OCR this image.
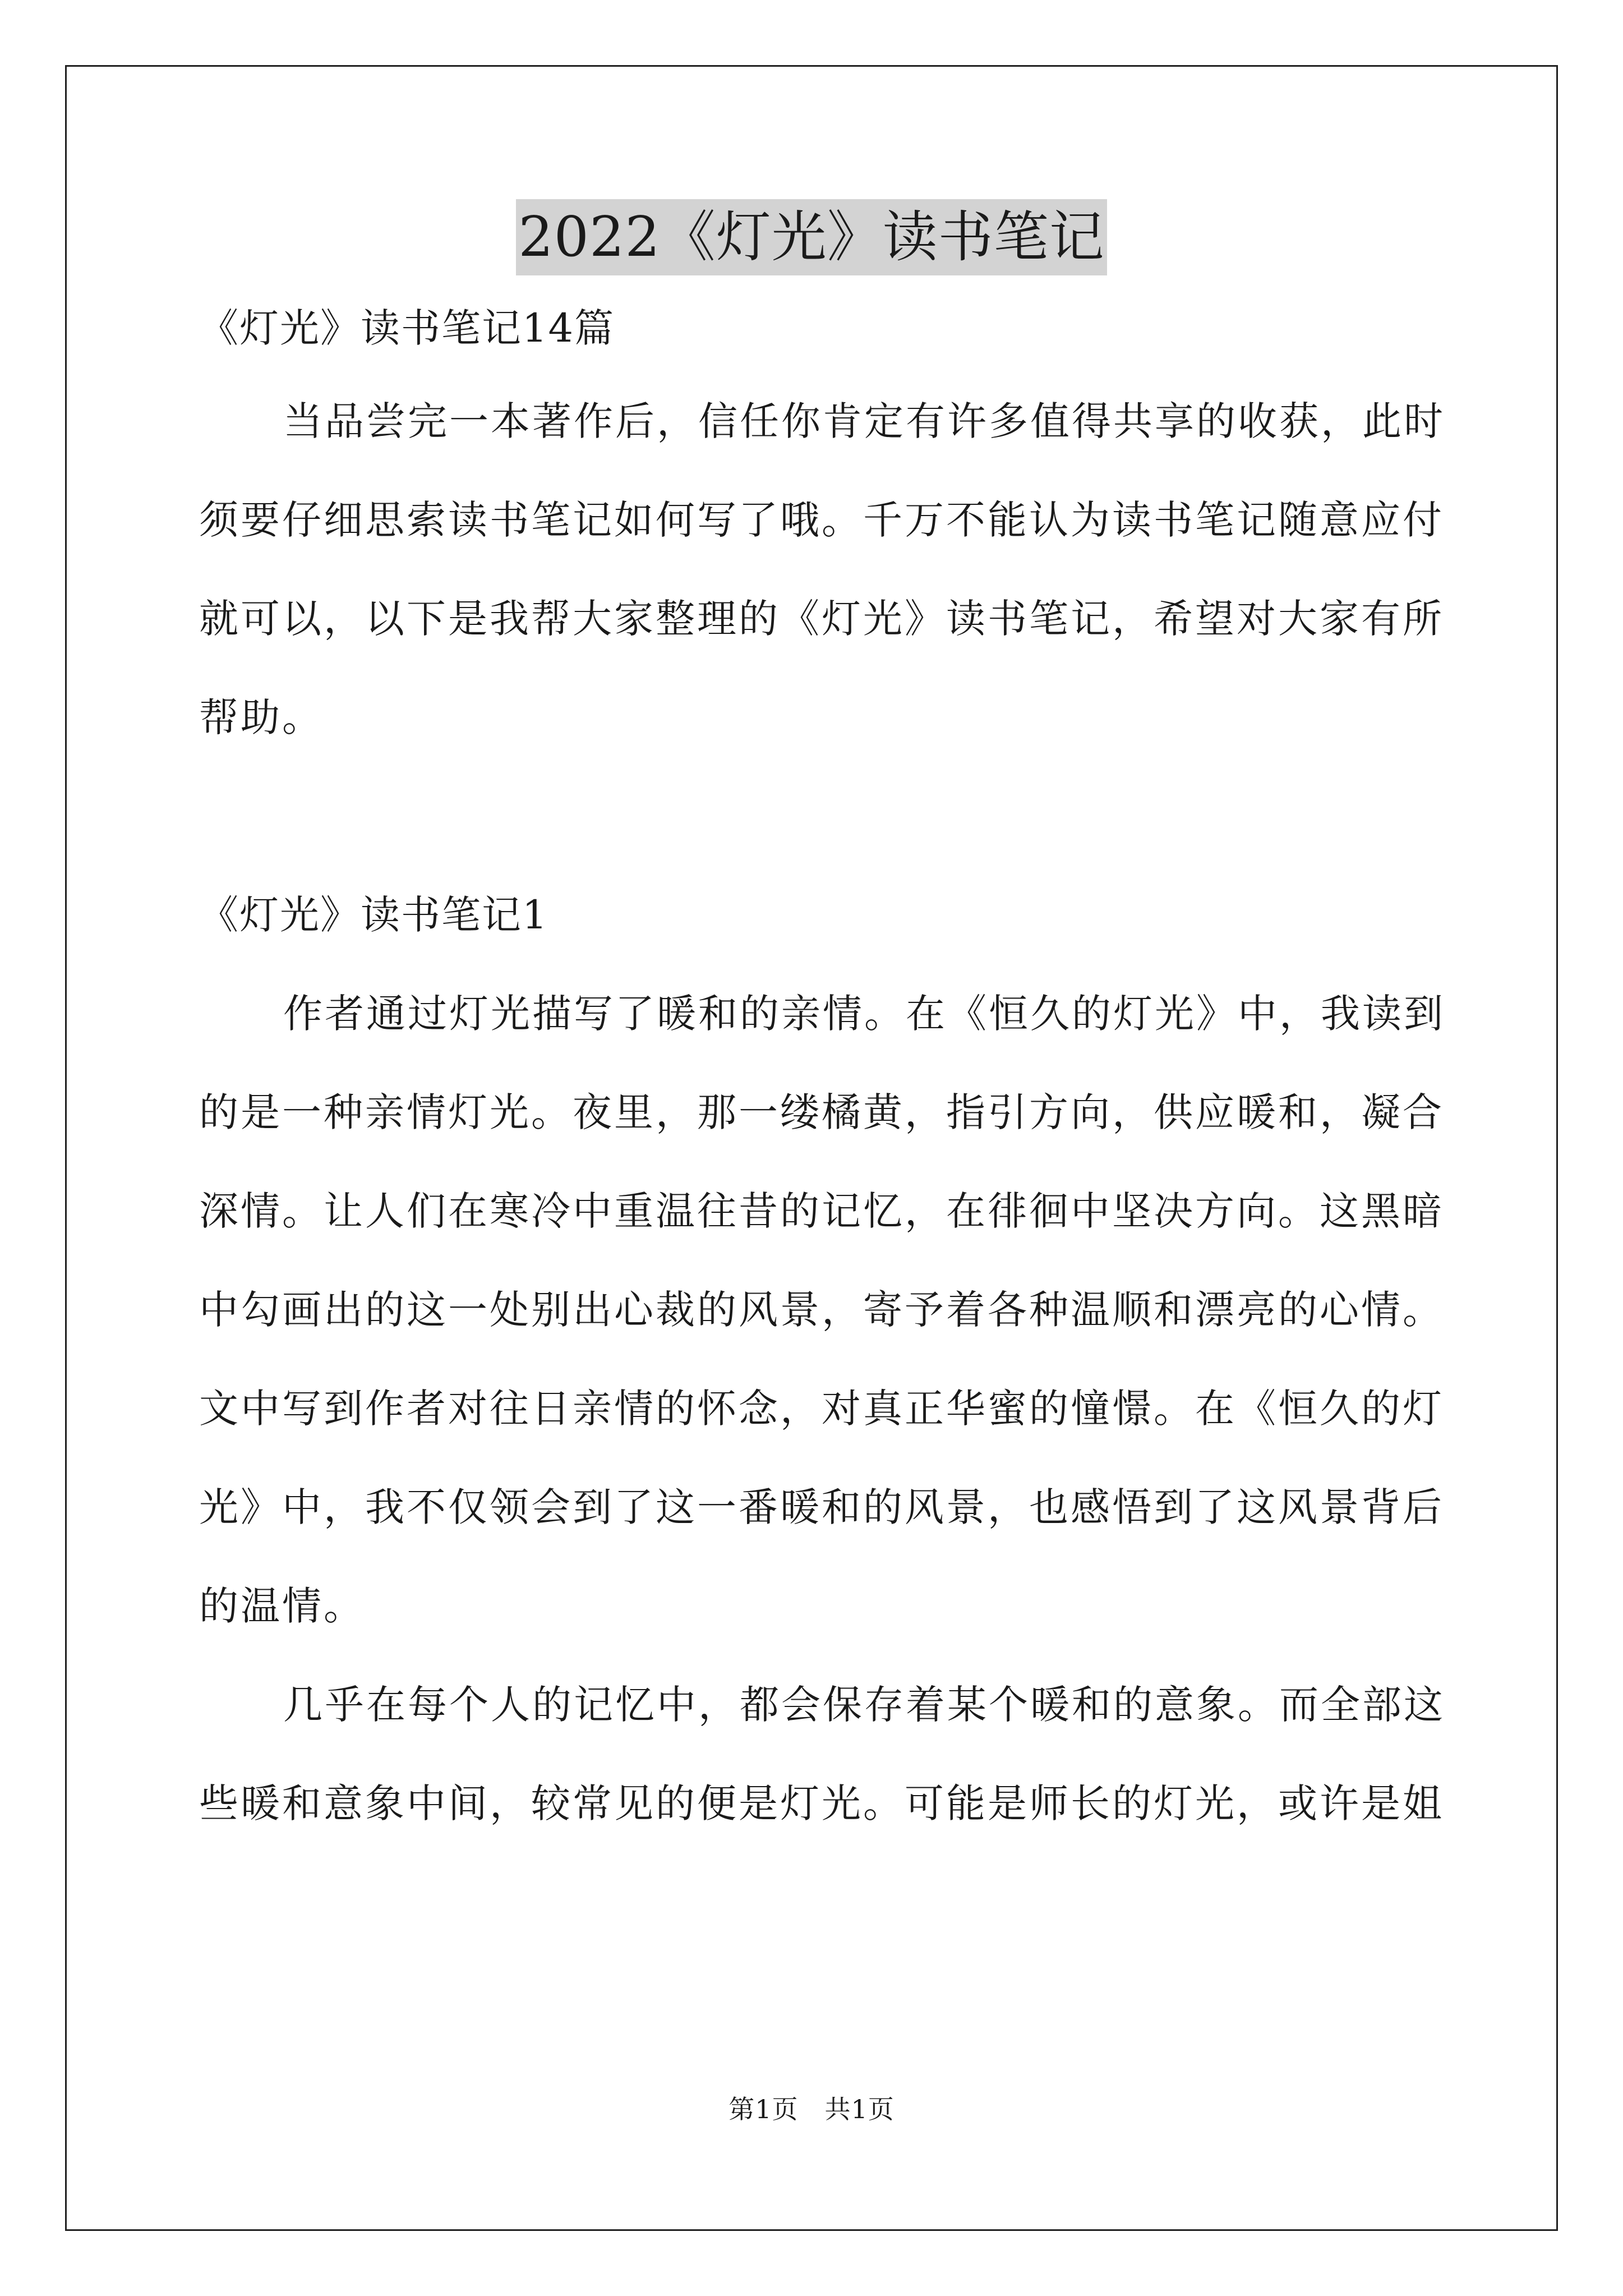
2022《灯光》读书笔记
《灯光》读书笔记14篇
当品尝完一本著作后，信任你肯定有许多值得共享的收获，此时
须要仔细思索读书笔记如何写了哦。千万不能认为读书笔记随意应付
就可以，以下是我帮大家整理的《灯光》读书笔记，希望对大家有所
帮助。
《灯光》读书笔记1
作者通过灯光描写了暖和的亲情。在《恒久的灯光》中，我读到
的是一种亲情灯光。夜里，那一缕橘黄，指引方向，供应暖和，凝合
深情。让人们在寒冷中重温往昔的记忆，在徘徊中坚决方向。这黑暗
中勾画出的这一处别出心裁的风景，寄予着各种温顺和漂亮的心情。
文中写到作者对往日亲情的怀念，对真正华蜜的憧憬。在《恒久的灯
光》中，我不仅领会到了这一番暖和的风景，也感悟到了这风景背后
的温情。
几乎在每个人的记忆中，都会保存着某个暖和的意象。而全部这
些暖和意象中间，较常见的便是灯光。可能是师长的灯光，或许是姐
第1页　共1页
